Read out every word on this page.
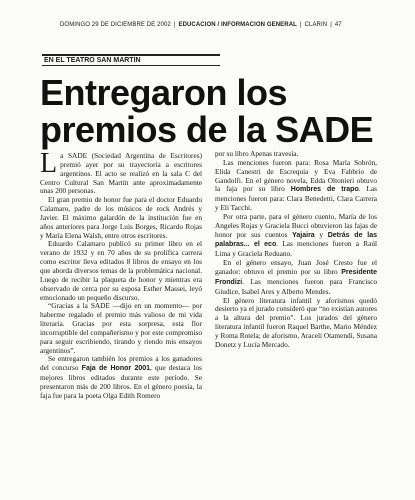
DOMINGO 29 DE DICIEMBRE DE 2002 | EDUCACION / INFORMACION GENERAL | CLARIN | 47
EN EL TEATRO SAN MARTIN
Entregaron los
premios de la SADE

La SADE (Sociedad Argentina de Escritores) premió ayer por su trayectoria a escritores argentinos. El acto se realizó en la sala C del Centro Cultural San Martín ante aproximadamente unas 200 personas.

El gran premio de honor fue para el doctor Eduardo Calamaro, padre de los músicos de rock Andrés y Javier. El máximo galardón de la institución fue en años anteriores para Jorge Luis Borges, Ricardo Rojas y María Elena Walsh, entre otros escritores.

Eduardo Calamaro publicó su primer libro en el verano de 1932 y en 70 años de su prolífica carrera como escritor lleva editados 8 libros de ensayo en los que aborda diversos temas de la problemática nacional. Luego de recibir la plaqueta de honor y mientras era observado de cerca por su esposa Esther Massei, leyó emocionado un pequeño discurso.

“Gracias a la SADE —dijo en un momento— por haberme regalado el premio más valioso de mi vida literaria. Gracias por esta sorpresa, esta flor incorruptible del compañerismo y por este compromiso para seguir escribiendo, tirando y riendo mis ensayos argentinos”.

Se entregaron también los premios a los ganadores del concurso Faja de Honor 2001, que destaca los mejores libros editados durante este período. Se presentaron más de 200 libros. En el género poesía, la faja fue para la poeta Olga Edith Romero

por su libro Apenas travesía.

Las menciones fueron para: Rosa María Sobrón, Elida Canestri de Escrequia y Eva Fabbrio de Gandolfi. En el género novela, Edda Oltonieri obtuvo la faja por su libro Hombres de trapo. Las menciones fueron para: Clara Benedetti, Clara Carrera y Eli Tacchi.

Por otra parte, para el género cuento, María de los Angeles Rojas y Graciela Bucci obtuvieron las fajas de honor por sus cuentos Yajaira y Detrás de las palabras... el eco. Las menciones fueron a Raúl Lima y Graciela Reduano.

En el género ensayo, Juan José Cresto fue el ganador: obtuvo el premio por su libro Presidente Frondizi. Las menciones fueron para Francisco Giudice, Isabel Ares y Alberto Mendes.

El género literatura infantil y aforismos quedó desierto ya el jurado consideró que “no existían autores a la altura del premio”. Los jurados del género literatura infantil fueron Raquel Barthe, Mario Méndez y Roma Rotela; de aforismo, Araceli Otamendi, Susana Donetz y Lucía Mercado.
